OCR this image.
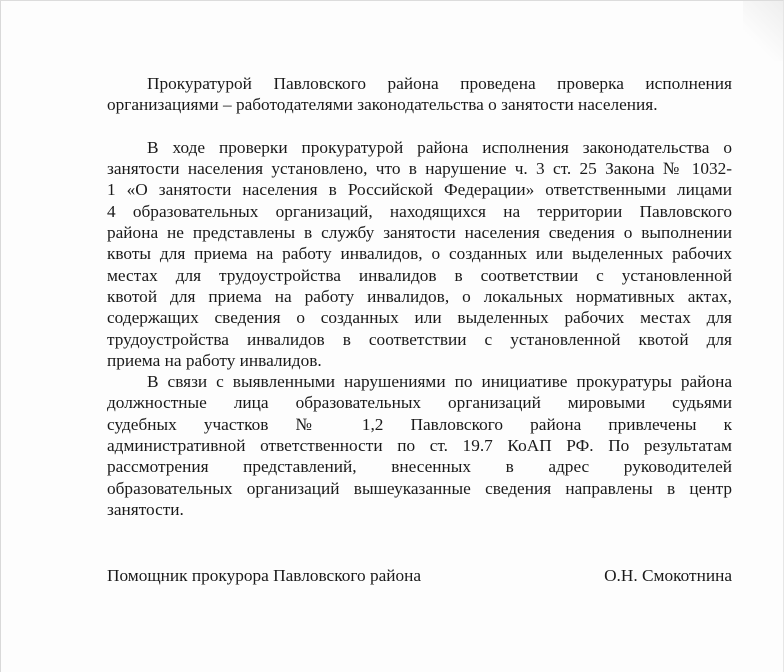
Прокуратурой Павловского района проведена проверка исполнения
организациями – работодателями законодательства о занятости населения.
В ходе проверки прокуратурой района исполнения законодательства о
занятости населения установлено, что в нарушение ч. 3 ст. 25 Закона № 1032-
1 «О занятости населения в Российской Федерации» ответственными лицами
4 образовательных организаций, находящихся на территории Павловского
района не представлены в службу занятости населения сведения о выполнении
квоты для приема на работу инвалидов, о созданных или выделенных рабочих
местах для трудоустройства инвалидов в соответствии с установленной
квотой для приема на работу инвалидов, о локальных нормативных актах,
содержащих сведения о созданных или выделенных рабочих местах для
трудоустройства инвалидов в соответствии с установленной квотой для
приема на работу инвалидов.
В связи с выявленными нарушениями по инициативе прокуратуры района
должностные лица образовательных организаций мировыми судьями
судебных участков № 1,2 Павловского района привлечены к
административной ответственности по ст. 19.7 КоАП РФ. По результатам
рассмотрения представлений, внесенных в адрес руководителей
образовательных организаций вышеуказанные сведения направлены в центр
занятости.
Помощник прокурора Павловского района	О.Н. Смокотнина
